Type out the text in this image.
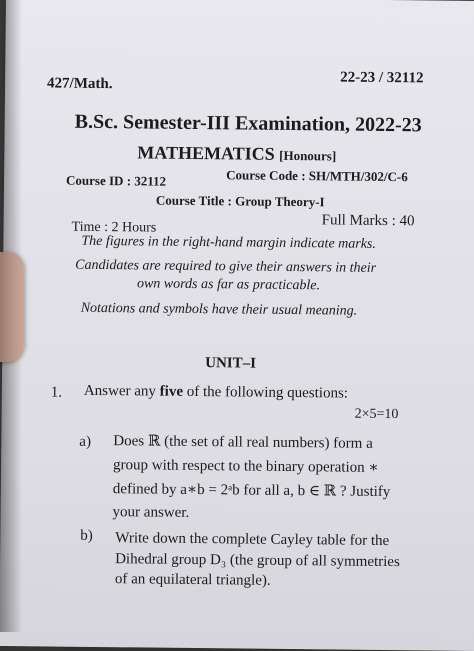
427/Math.	22-23 / 32112
B.Sc. Semester-III Examination, 2022-23
MATHEMATICS [Honours]
Course ID : 32112	Course Code : SH/MTH/302/C-6
Course Title : Group Theory-I
Time : 2 Hours	Full Marks : 40
The figures in the right-hand margin indicate marks.
Candidates are required to give their answers in their
own words as far as practicable.
Notations and symbols have their usual meaning.
UNIT–I
1. Answer any five of the following questions:
2×5=10
a) Does ℝ (the set of all real numbers) form a
group with respect to the binary operation ∗
defined by a∗b = 2ᵃb for all a, b ∈ ℝ ? Justify
your answer.
b) Write down the complete Cayley table for the
Dihedral group D₃ (the group of all symmetries
of an equilateral triangle).
